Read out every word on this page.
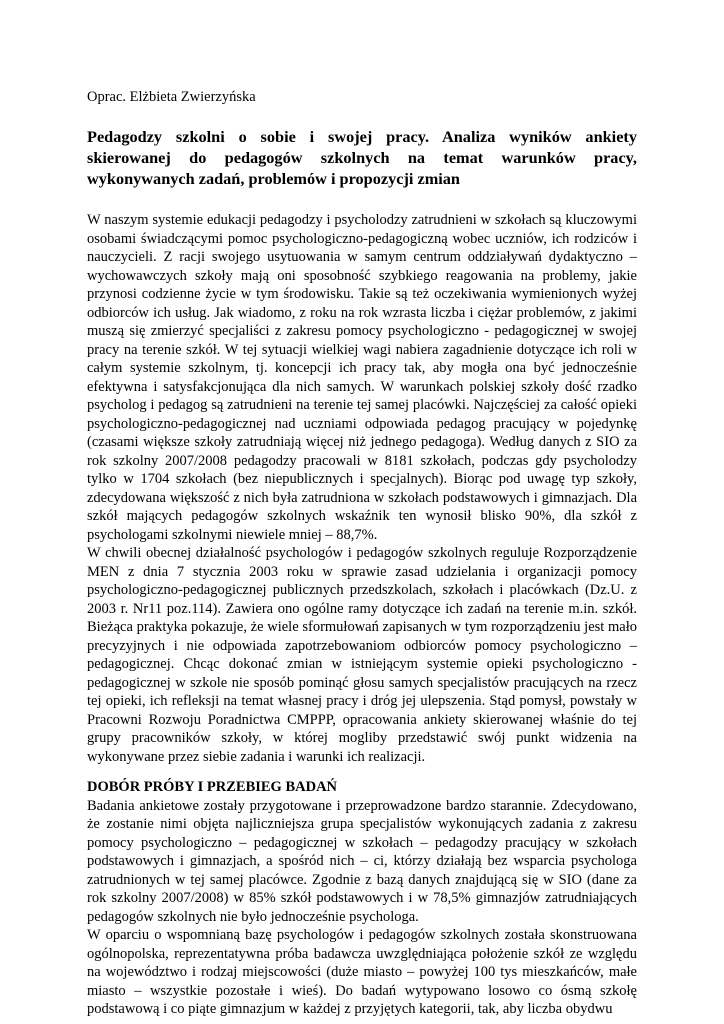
Oprac. Elżbieta Zwierzyńska

Pedagodzy szkolni o sobie i swojej pracy. Analiza wyników ankiety skierowanej do pedagogów szkolnych na temat warunków pracy, wykonywanych zadań, problemów i propozycji zmian

W naszym systemie edukacji pedagodzy i psycholodzy zatrudnieni w szkołach są kluczowymi osobami świadczącymi pomoc psychologiczno-pedagogiczną wobec uczniów, ich rodziców i nauczycieli. Z racji swojego usytuowania w samym centrum oddziaływań dydaktyczno – wychowawczych szkoły mają oni sposobność szybkiego reagowania na problemy, jakie przynosi codzienne życie w tym środowisku. Takie są też oczekiwania wymienionych wyżej odbiorców ich usług. Jak wiadomo, z roku na rok wzrasta liczba i ciężar problemów, z jakimi muszą się zmierzyć specjaliści z zakresu pomocy psychologiczno - pedagogicznej w swojej pracy na terenie szkół. W tej sytuacji wielkiej wagi nabiera zagadnienie dotyczące ich roli w całym systemie szkolnym, tj. koncepcji ich pracy tak, aby mogła ona być jednocześnie efektywna i satysfakcjonująca dla nich samych. W warunkach polskiej szkoły dość rzadko psycholog i pedagog są zatrudnieni na terenie tej samej placówki. Najczęściej za całość opieki psychologiczno-pedagogicznej nad uczniami odpowiada pedagog pracujący w pojedynkę (czasami większe szkoły zatrudniają więcej niż jednego pedagoga). Według danych z SIO za rok szkolny 2007/2008 pedagodzy pracowali w 8181 szkołach, podczas gdy psycholodzy tylko w 1704 szkołach (bez niepublicznych i specjalnych). Biorąc pod uwagę typ szkoły, zdecydowana większość z nich była zatrudniona w szkołach podstawowych i gimnazjach. Dla szkół mających pedagogów szkolnych wskaźnik ten wynosił blisko 90%, dla szkół z psychologami szkolnymi niewiele mniej – 88,7%.

W chwili obecnej działalność psychologów i pedagogów szkolnych reguluje Rozporządzenie MEN z dnia 7 stycznia 2003 roku w sprawie zasad udzielania i organizacji pomocy psychologiczno-pedagogicznej publicznych przedszkolach, szkołach i placówkach (Dz.U. z 2003 r. Nr11 poz.114). Zawiera ono ogólne ramy dotyczące ich zadań na terenie m.in. szkół. Bieżąca praktyka pokazuje, że wiele sformułowań zapisanych w tym rozporządzeniu jest mało precyzyjnych i nie odpowiada zapotrzebowaniom odbiorców pomocy psychologiczno – pedagogicznej. Chcąc dokonać zmian w istniejącym systemie opieki psychologiczno - pedagogicznej w szkole nie sposób pominąć głosu samych specjalistów pracujących na rzecz tej opieki, ich refleksji na temat własnej pracy i dróg jej ulepszenia. Stąd pomysł, powstały w Pracowni Rozwoju Poradnictwa CMPPP, opracowania ankiety skierowanej właśnie do tej grupy pracowników szkoły, w której mogliby przedstawić swój punkt widzenia na wykonywane przez siebie zadania i warunki ich realizacji.

DOBÓR PRÓBY I PRZEBIEG BADAŃ

Badania ankietowe zostały przygotowane i przeprowadzone bardzo starannie. Zdecydowano, że zostanie nimi objęta najliczniejsza grupa specjalistów wykonujących zadania z zakresu pomocy psychologiczno – pedagogicznej w szkołach – pedagodzy pracujący w szkołach podstawowych i gimnazjach, a spośród nich – ci, którzy działają bez wsparcia psychologa zatrudnionych w tej samej placówce. Zgodnie z bazą danych znajdującą się w SIO (dane za rok szkolny 2007/2008) w 85% szkół podstawowych i w 78,5% gimnazjów zatrudniających pedagogów szkolnych nie było jednocześnie psychologa.

W oparciu o wspomnianą bazę psychologów i pedagogów szkolnych została skonstruowana ogólnopolska, reprezentatywna próba badawcza uwzględniająca położenie szkół ze względu na województwo i rodzaj miejscowości (duże miasto – powyżej 100 tys mieszkańców, małe miasto – wszystkie pozostałe i wieś). Do badań wytypowano losowo co ósmą szkołę podstawową i co piąte gimnazjum w każdej z przyjętych kategorii, tak, aby liczba obydwu
